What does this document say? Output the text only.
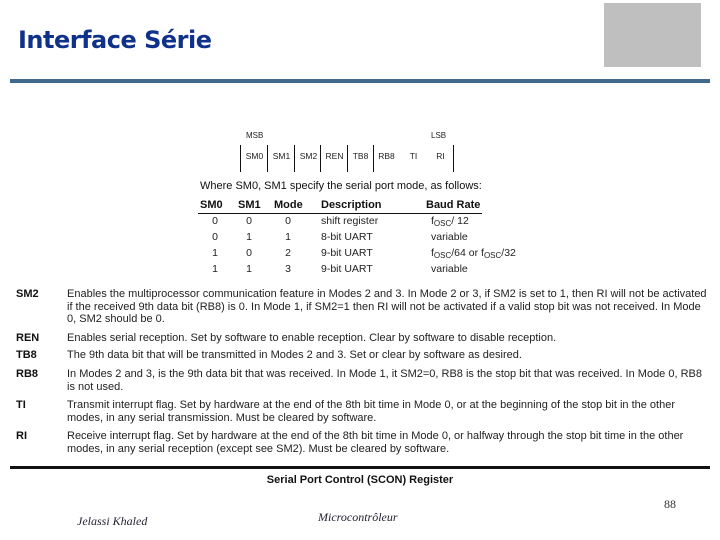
Interface Série
MSB	LSB
SM0	SM1	SM2 REN	TB8	RB8	TI	RI
Where SM0, SM1 specify the serial port mode, as follows:
SM0 SM1 Mode Description	Baud Rate
0	0	0	shift register	$f_{OSC}/$ 12
0	1	1	8-bit UART	variable
1	0	2	9-bit UART	$f_{OSC}/64$ or $f_{OSC}/32$
1	1	3	9-bit UART	variable
SM2	Enables the multiprocessor communication feature in Modes 2 and 3. In Mode 2 or 3, if SM2 is set to 1, then RI will not be activated if the received 9th data bit (RB8) is 0. In Mode 1, if SM2=1 then RI will not be activated if a valid stop bit was not received. In Mode 0, SM2 should be 0.
REN	Enables serial reception. Set by software to enable reception. Clear by software to disable reception.
TB8	The 9th data bit that will be transmitted in Modes 2 and 3. Set or clear by software as desired.
RB8	In Modes 2 and 3, is the 9th data bit that was received. In Mode 1, it SM2=0, RB8 is the stop bit that was received. In Mode 0, RB8 is not used.
TI	Transmit interrupt flag. Set by hardware at the end of the 8th bit time in Mode 0, or at the beginning of the stop bit in the other modes, in any serial transmission. Must be cleared by software.
RI	Receive interrupt flag. Set by hardware at the end of the 8th bit time in Mode 0, or halfway through the stop bit time in the other modes, in any serial reception (except see SM2). Must be cleared by software.
Serial Port Control (SCON) Register
88
Jelassi Khaled	Microcontrôleur
